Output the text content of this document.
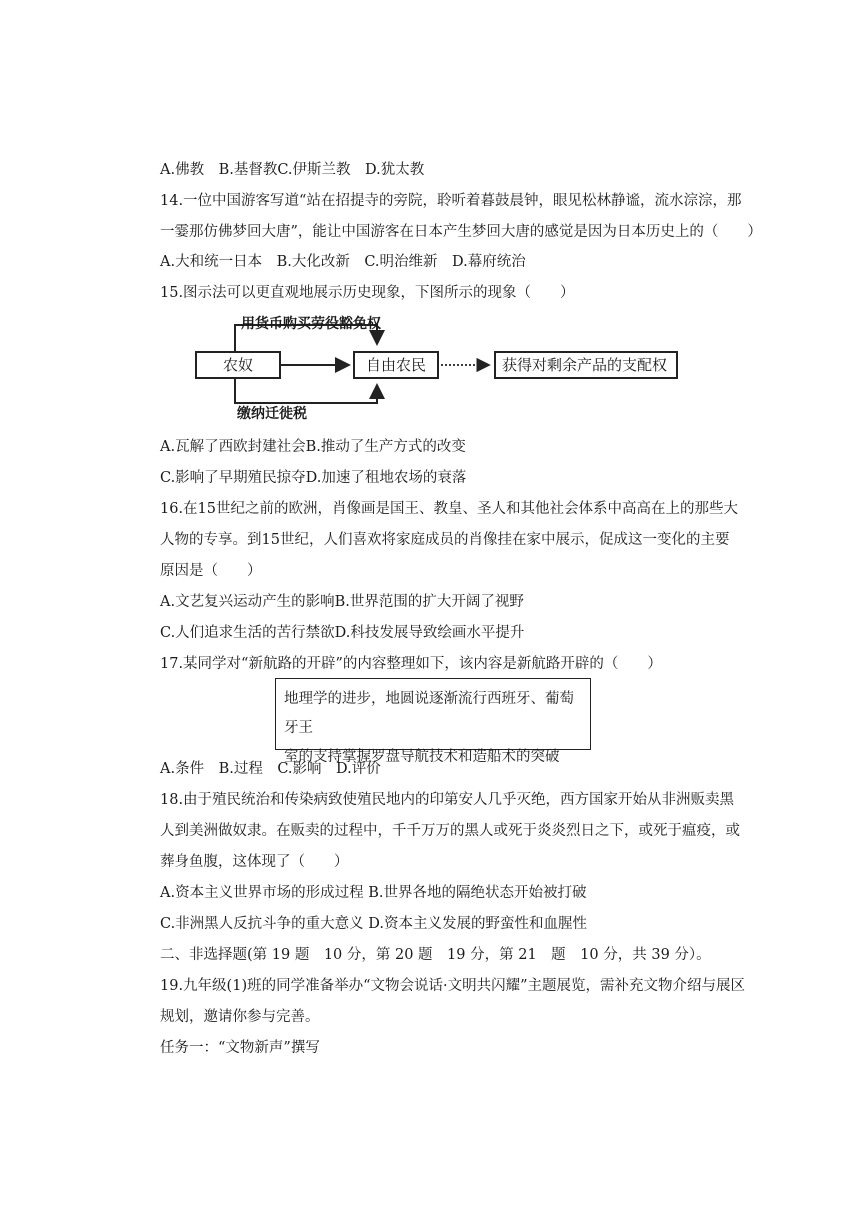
A.佛教　B.基督教C.伊斯兰教　D.犹太教
14.一位中国游客写道“站在招提寺的旁院，聆听着暮鼓晨钟，眼见松林静谧，流水淙淙，那
一霎那仿佛梦回大唐”，能让中国游客在日本产生梦回大唐的感觉是因为日本历史上的（　　）
A.大和统一日本　B.大化改新　C.明治维新　D.幕府统治
15.图示法可以更直观地展示历史现象，下图所示的现象（　　）
农奴	自由农民	获得对剩余产品的支配权
用货币购买劳役豁免权
缴纳迁徙税
A.瓦解了西欧封建社会B.推动了生产方式的改变
C.影响了早期殖民掠夺D.加速了租地农场的衰落
16.在15世纪之前的欧洲，肖像画是国王、教皇、圣人和其他社会体系中高高在上的那些大
人物的专享。到15世纪，人们喜欢将家庭成员的肖像挂在家中展示，促成这一变化的主要
原因是（　　）
A.文艺复兴运动产生的影响B.世界范围的扩大开阔了视野
C.人们追求生活的苦行禁欲D.科技发展导致绘画水平提升
17.某同学对“新航路的开辟”的内容整理如下，该内容是新航路开辟的（　　）
地理学的进步，地圆说逐渐流行西班牙、葡萄牙王
室的支持掌握罗盘导航技术和造船术的突破
A.条件　B.过程　C.影响　D.评价
18.由于殖民统治和传染病致使殖民地内的印第安人几乎灭绝，西方国家开始从非洲贩卖黑
人到美洲做奴隶。在贩卖的过程中，千千万万的黑人或死于炎炎烈日之下，或死于瘟疫，或
葬身鱼腹，这体现了（　　）
A.资本主义世界市场的形成过程 B.世界各地的隔绝状态开始被打破
C.非洲黑人反抗斗争的重大意义 D.资本主义发展的野蛮性和血腥性
二、非选择题(第 19 题　10 分，第 20 题　19 分，第 21　题　10 分，共 39 分）。
19.九年级(1)班的同学准备举办“文物会说话·文明共闪耀”主题展览，需补充文物介绍与展区
规划，邀请你参与完善。
任务一：“文物新声”撰写
